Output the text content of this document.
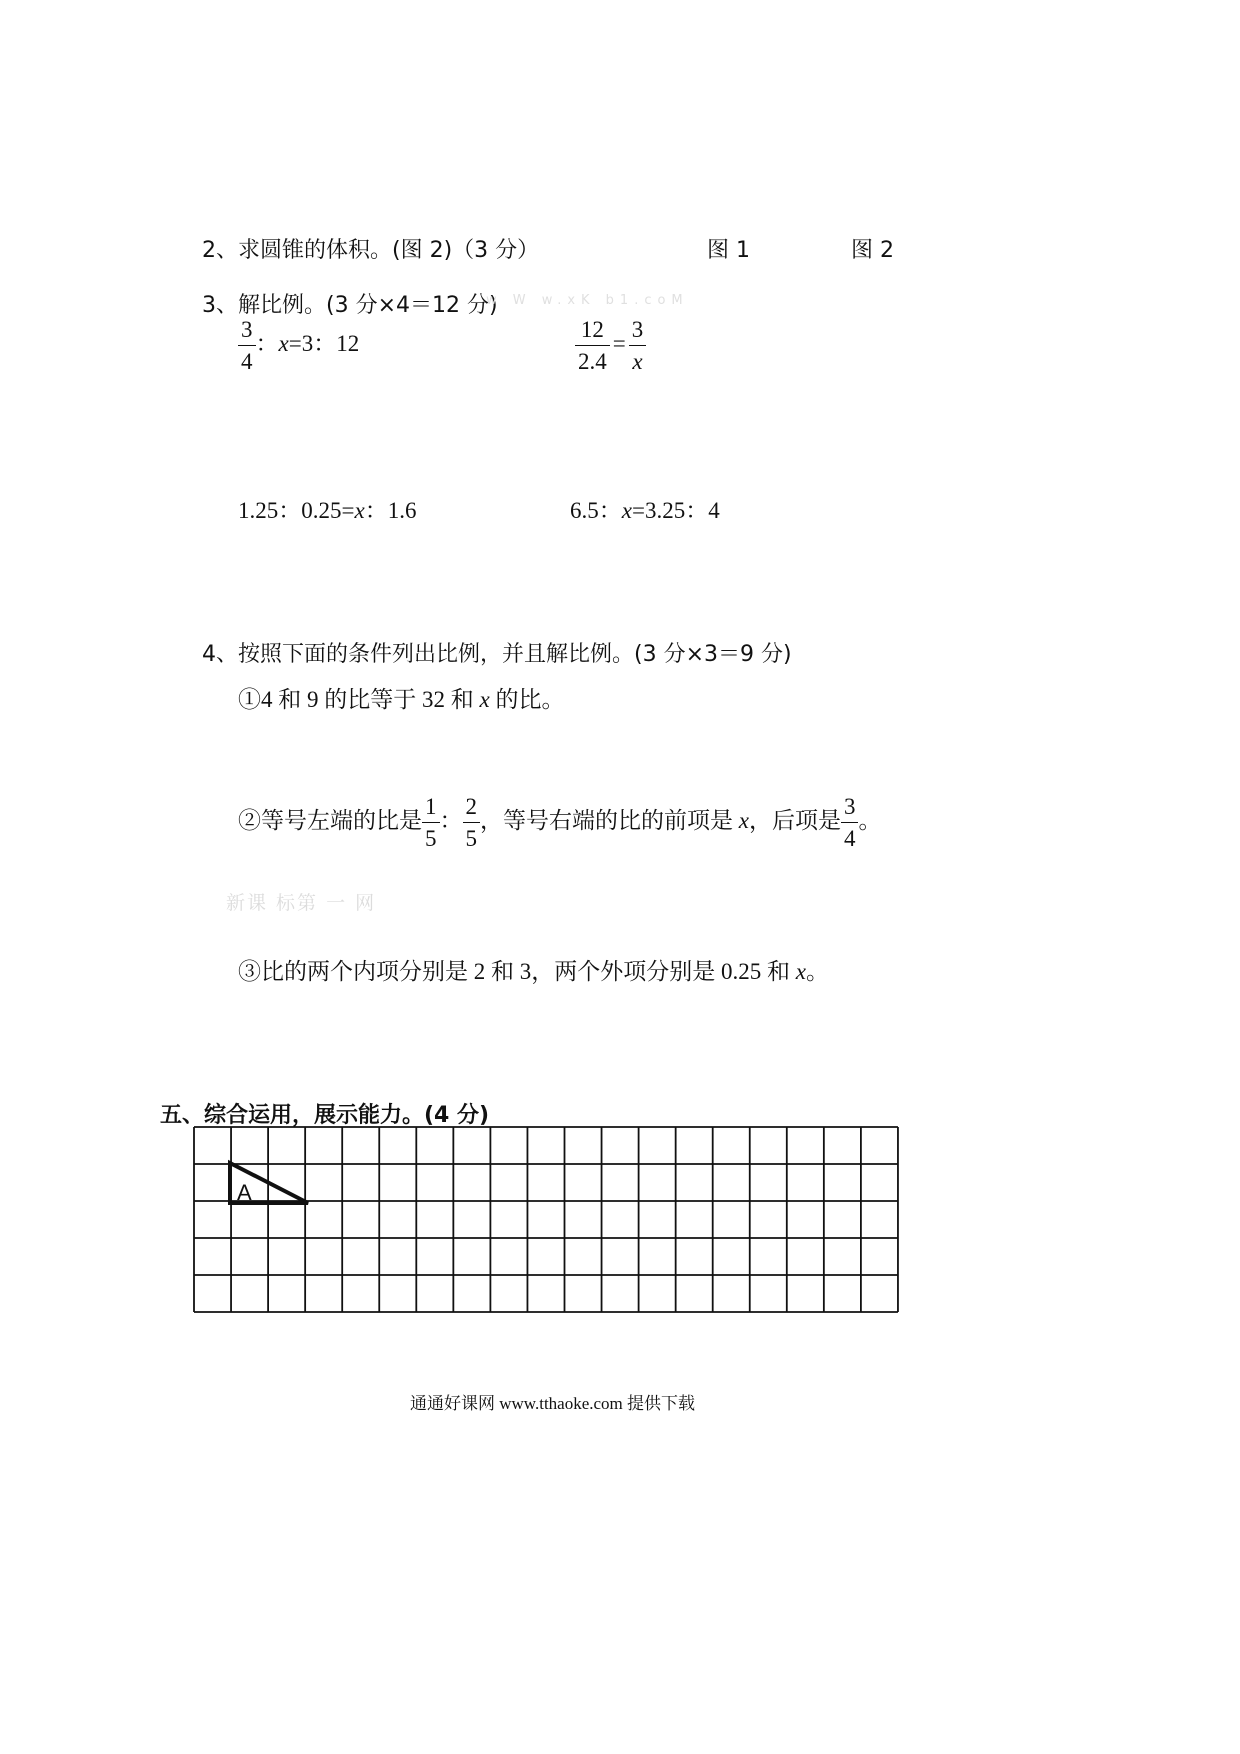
2、求圆锥的体积。(图 2)（3 分）	图 1	图 2
3、解比例。(3 分×4＝12 分)
w W w.xK b1.coM
$\frac{3}{4}$ ：x=3：12	$\frac{12}{2.4} = \frac{3}{x}$
1.25：0.25=x：1.6	6.5：x=3.25：4
4、按照下面的条件列出比例，并且解比例。(3 分×3＝9 分)
①4 和 9 的比等于 32 和 x 的比。
②等号左端的比是 $\frac{1}{5}$ ： $\frac{2}{5}$ ，等号右端的比的前项是 x，后项是 $\frac{3}{4}$ 。
新课 标第 一 网
③比的两个内项分别是 2 和 3，两个外项分别是 0.25 和 x。
五、综合运用，展示能力。(4 分)
A
通通好课网 www.tthaoke.com 提供下载
